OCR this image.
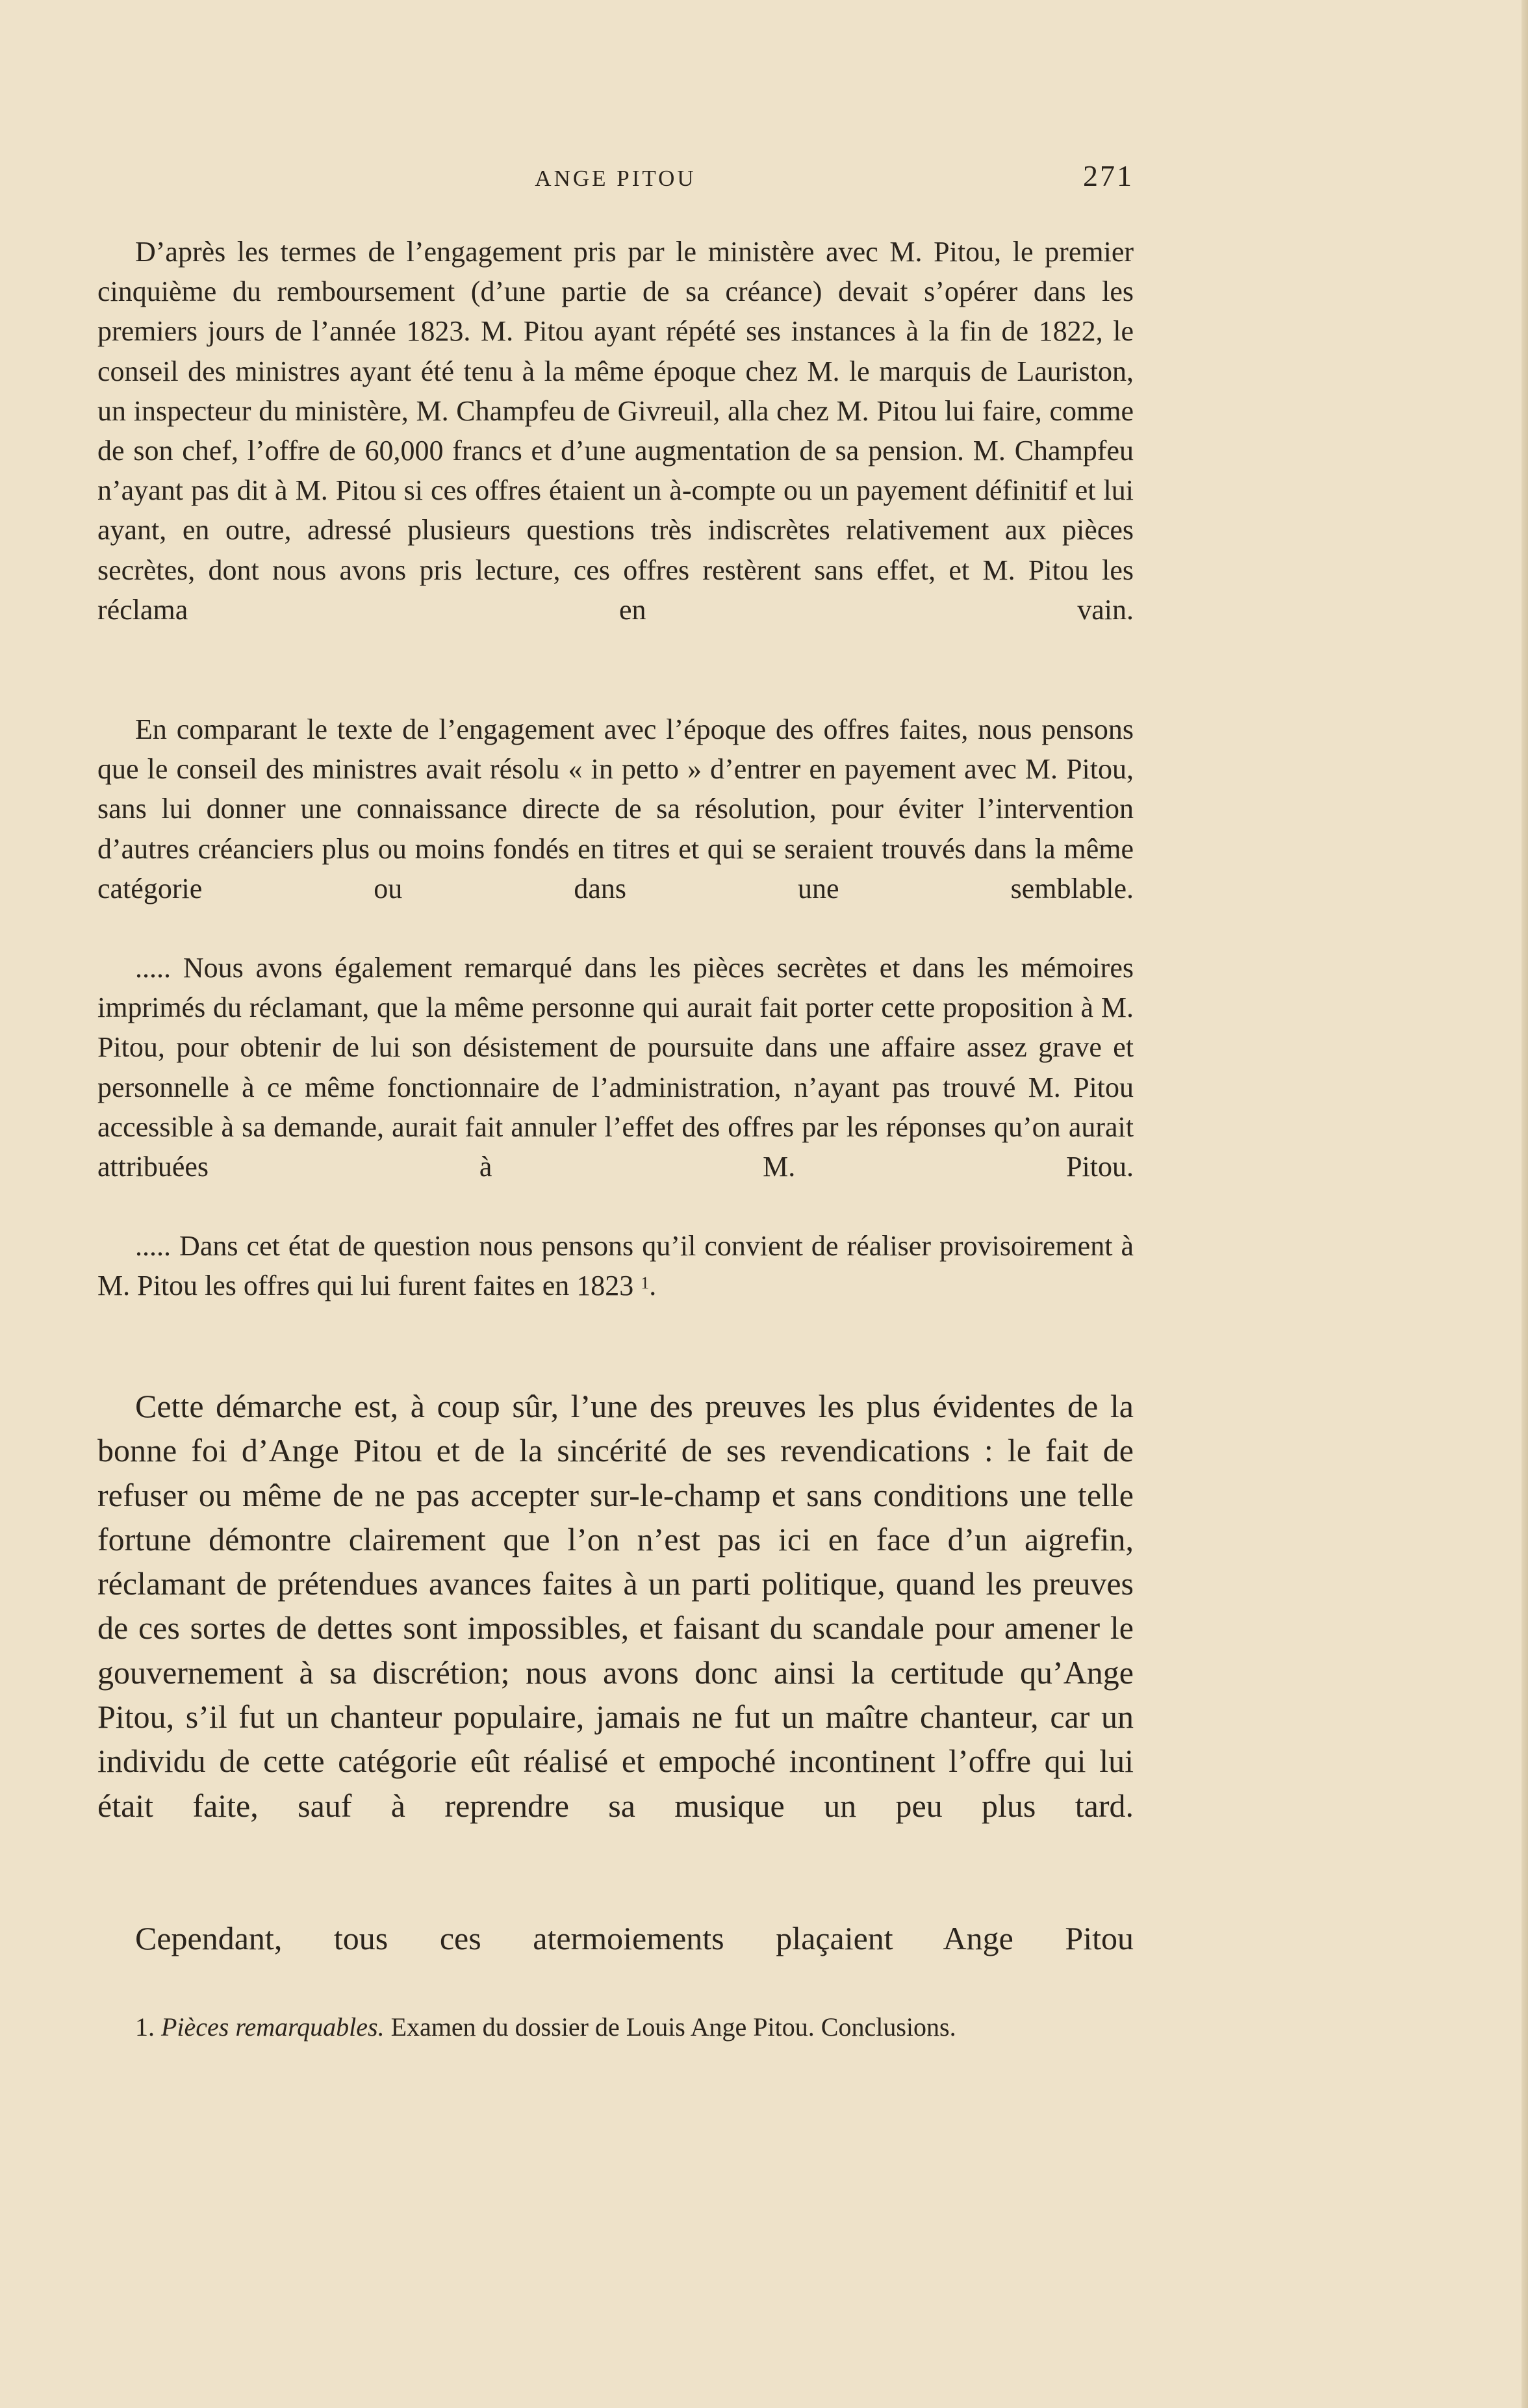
ANGE PITOU	271

D’après les termes de l’engagement pris par le ministère avec M. Pitou, le premier cinquième du remboursement (d’une partie de sa créance) devait s’opérer dans les premiers jours de l’année 1823. M. Pitou ayant répété ses instances à la fin de 1822, le conseil des ministres ayant été tenu à la même époque chez M. le marquis de Lauriston, un inspecteur du ministère, M. Champfeu de Givreuil, alla chez M. Pitou lui faire, comme de son chef, l’offre de 60,000 francs et d’une augmentation de sa pension. M. Champfeu n’ayant pas dit à M. Pitou si ces offres étaient un à-compte ou un payement définitif et lui ayant, en outre, adressé plusieurs questions très indiscrètes relativement aux pièces secrètes, dont nous avons pris lecture, ces offres restèrent sans effet, et M. Pitou les réclama en vain.

En comparant le texte de l’engagement avec l’époque des offres faites, nous pensons que le conseil des ministres avait résolu « in petto » d’entrer en payement avec M. Pitou, sans lui donner une connaissance directe de sa résolution, pour éviter l’intervention d’autres créanciers plus ou moins fondés en titres et qui se seraient trouvés dans la même catégorie ou dans une semblable.

..... Nous avons également remarqué dans les pièces secrètes et dans les mémoires imprimés du réclamant, que la même personne qui aurait fait porter cette proposition à M. Pitou, pour obtenir de lui son désistement de poursuite dans une affaire assez grave et personnelle à ce même fonctionnaire de l’administration, n’ayant pas trouvé M. Pitou accessible à sa demande, aurait fait annuler l’effet des offres par les réponses qu’on aurait attribuées à M. Pitou.

..... Dans cet état de question nous pensons qu’il convient de réaliser provisoirement à M. Pitou les offres qui lui furent faites en 1823 $^1$.

Cette démarche est, à coup sûr, l’une des preuves les plus évidentes de la bonne foi d’Ange Pitou et de la sincérité de ses revendications : le fait de refuser ou même de ne pas accepter sur-le-champ et sans conditions une telle fortune démontre clairement que l’on n’est pas ici en face d’un aigrefin, réclamant de prétendues avances faites à un parti politique, quand les preuves de ces sortes de dettes sont impossibles, et faisant du scandale pour amener le gouvernement à sa discrétion; nous avons donc ainsi la certitude qu’Ange Pitou, s’il fut un chanteur populaire, jamais ne fut un maître chanteur, car un individu de cette catégorie eût réalisé et empoché incontinent l’offre qui lui était faite, sauf à reprendre sa musique un peu plus tard.

Cependant, tous ces atermoiements plaçaient Ange Pitou

1. Pièces remarquables. Examen du dossier de Louis Ange Pitou. Conclusions.
